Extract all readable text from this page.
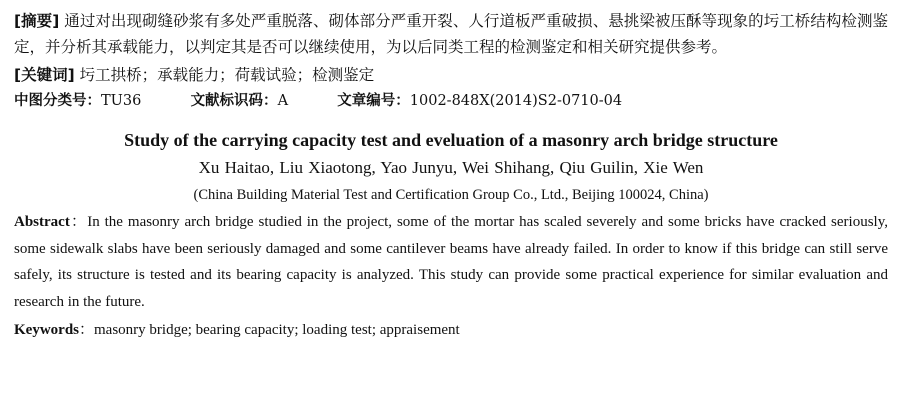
[摘要] 通过对出现砌缝砂浆有多处严重脱落、砌体部分严重开裂、人行道板严重破损、悬挑梁被压酥等现象的圬工桥结构检测鉴定，并分析其承载能力，以判定其是否可以继续使用，为以后同类工程的检测鉴定和相关研究提供参考。

[关键词] 圬工拱桥；承载能力；荷载试验；检测鉴定
中图分类号：TU36	文献标识码：A	文章编号：1002-848X(2014)S2-0710-04
Study of the carrying capacity test and eveluation of a masonry arch bridge structure
Xu Haitao, Liu Xiaotong, Yao Junyu, Wei Shihang, Qiu Guilin, Xie Wen
(China Building Material Test and Certification Group Co., Ltd., Beijing 100024, China)
Abstract：In the masonry arch bridge studied in the project, some of the mortar has scaled severely and some bricks have cracked seriously, some sidewalk slabs have been seriously damaged and some cantilever beams have already failed. In order to know if this bridge can still serve safely, its structure is tested and its bearing capacity is analyzed. This study can provide some practical experience for similar evaluation and research in the future.
Keywords：masonry bridge; bearing capacity; loading test; appraisement
